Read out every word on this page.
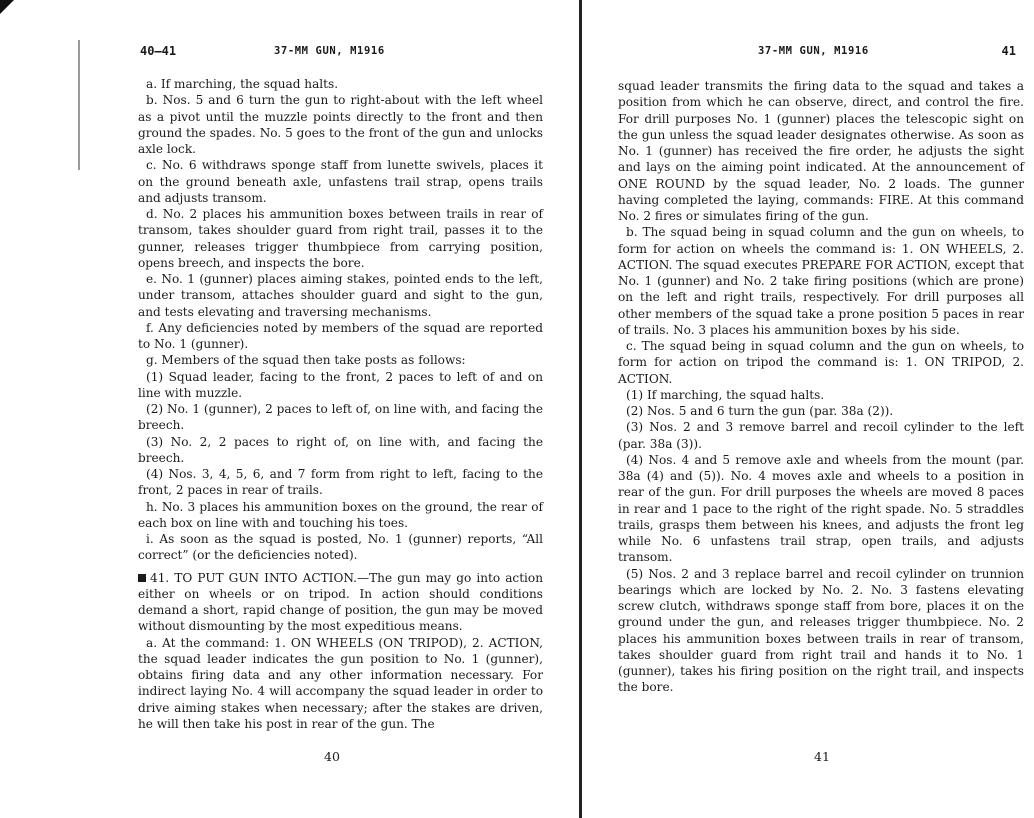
40–41	37-MM GUN, M1916

a. If marching, the squad halts.

b. Nos. 5 and 6 turn the gun to right-about with the left wheel as a pivot until the muzzle points directly to the front and then ground the spades. No. 5 goes to the front of the gun and unlocks axle lock.

c. No. 6 withdraws sponge staff from lunette swivels, places it on the ground beneath axle, unfastens trail strap, opens trails and adjusts transom.

d. No. 2 places his ammunition boxes between trails in rear of transom, takes shoulder guard from right trail, passes it to the gunner, releases trigger thumbpiece from carrying position, opens breech, and inspects the bore.

e. No. 1 (gunner) places aiming stakes, pointed ends to the left, under transom, attaches shoulder guard and sight to the gun, and tests elevating and traversing mechanisms.

f. Any deficiencies noted by members of the squad are reported to No. 1 (gunner).

g. Members of the squad then take posts as follows:

(1) Squad leader, facing to the front, 2 paces to left of and on line with muzzle.

(2) No. 1 (gunner), 2 paces to left of, on line with, and facing the breech.

(3) No. 2, 2 paces to right of, on line with, and facing the breech.

(4) Nos. 3, 4, 5, 6, and 7 form from right to left, facing to the front, 2 paces in rear of trails.

h. No. 3 places his ammunition boxes on the ground, the rear of each box on line with and touching his toes.

i. As soon as the squad is posted, No. 1 (gunner) reports, “All correct” (or the deficiencies noted).

41. TO PUT GUN INTO ACTION.—The gun may go into action either on wheels or on tripod. In action should conditions demand a short, rapid change of position, the gun may be moved without dismounting by the most expeditious means.

a. At the command: 1. ON WHEELS (ON TRIPOD), 2. ACTION, the squad leader indicates the gun position to No. 1 (gunner), obtains firing data and any other information necessary. For indirect laying No. 4 will accompany the squad leader in order to drive aiming stakes when necessary; after the stakes are driven, he will then take his post in rear of the gun. The

40
37-MM GUN, M1916	41

squad leader transmits the firing data to the squad and takes a position from which he can observe, direct, and control the fire. For drill purposes No. 1 (gunner) places the telescopic sight on the gun unless the squad leader designates otherwise. As soon as No. 1 (gunner) has received the fire order, he adjusts the sight and lays on the aiming point indicated. At the announcement of ONE ROUND by the squad leader, No. 2 loads. The gunner having completed the laying, commands: FIRE. At this command No. 2 fires or simulates firing of the gun.

b. The squad being in squad column and the gun on wheels, to form for action on wheels the command is: 1. ON WHEELS, 2. ACTION. The squad executes PREPARE FOR ACTION, except that No. 1 (gunner) and No. 2 take firing positions (which are prone) on the left and right trails, respectively. For drill purposes all other members of the squad take a prone position 5 paces in rear of trails. No. 3 places his ammunition boxes by his side.

c. The squad being in squad column and the gun on wheels, to form for action on tripod the command is: 1. ON TRIPOD, 2. ACTION.

(1) If marching, the squad halts.

(2) Nos. 5 and 6 turn the gun (par. 38a (2)).

(3) Nos. 2 and 3 remove barrel and recoil cylinder to the left (par. 38a (3)).

(4) Nos. 4 and 5 remove axle and wheels from the mount (par. 38a (4) and (5)). No. 4 moves axle and wheels to a position in rear of the gun. For drill purposes the wheels are moved 8 paces in rear and 1 pace to the right of the right spade. No. 5 straddles trails, grasps them between his knees, and adjusts the front leg while No. 6 unfastens trail strap, open trails, and adjusts transom.

(5) Nos. 2 and 3 replace barrel and recoil cylinder on trunnion bearings which are locked by No. 2. No. 3 fastens elevating screw clutch, withdraws sponge staff from bore, places it on the ground under the gun, and releases trigger thumbpiece. No. 2 places his ammunition boxes between trails in rear of transom, takes shoulder guard from right trail and hands it to No. 1 (gunner), takes his firing position on the right trail, and inspects the bore.

41
